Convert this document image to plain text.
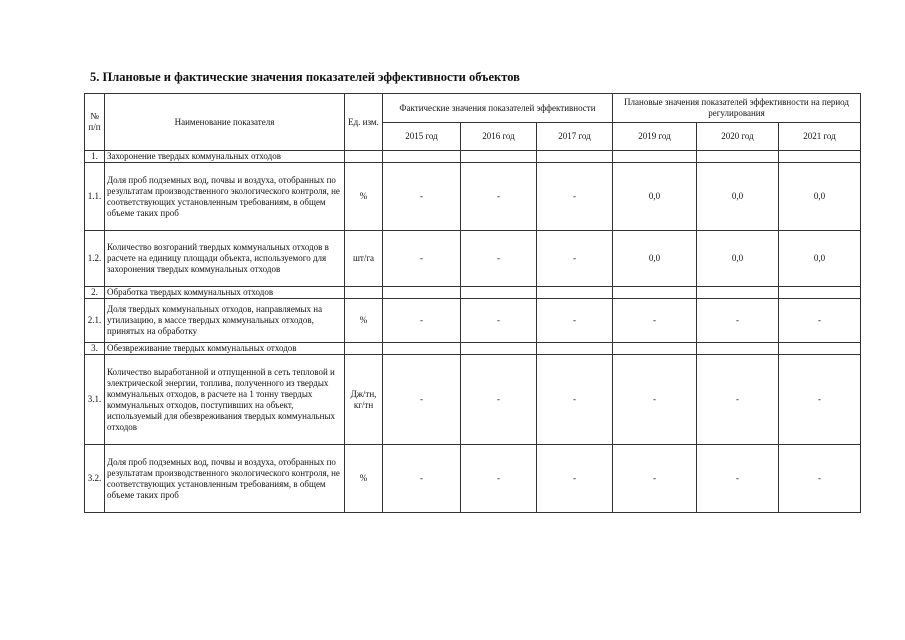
5. Плановые и фактические значения показателей эффективности объектов
№ п/п	Наименование показателя	Ед. изм.	Фактические значения показателей эффективности			Плановые значения показателей эффективности на период регулирования		
			2015 год	2016 год	2017 год	2019 год	2020 год	2021 год
1.	Захоронение твердых коммунальных отходов							
1.1.	Доля проб подземных вод, почвы и воздуха, отобранных по результатам производственного экологического контроля, не соответствующих установленным требованиям, в общем объеме таких проб	%	-	-	-	0,0	0,0	0,0
1.2.	Количество возгораний твердых коммунальных отходов в расчете на единицу площади объекта, используемого для захоронения твердых коммунальных отходов	шт/га	-	-	-	0,0	0,0	0,0
2.	Обработка твердых коммунальных отходов							
2.1.	Доля твердых коммунальных отходов, направляемых на утилизацию, в массе твердых коммунальных отходов, принятых на обработку	%	-	-	-	-	-	-
3.	Обезвреживание твердых коммунальных отходов							
3.1.	Количество выработанной и отпущенной в сеть тепловой и электрической энергии, топлива, полученного из твердых коммунальных отходов, в расчете на 1 тонну твердых коммунальных отходов, поступивших на объект, используемый для обезвреживания твердых коммунальных отходов	Дж/тн, кг/тн	-	-	-	-	-	-
3.2.	Доля проб подземных вод, почвы и воздуха, отобранных по результатам производственного экологического контроля, не соответствующих установленным требованиям, в общем объеме таких проб	%	-	-	-	-	-	-
